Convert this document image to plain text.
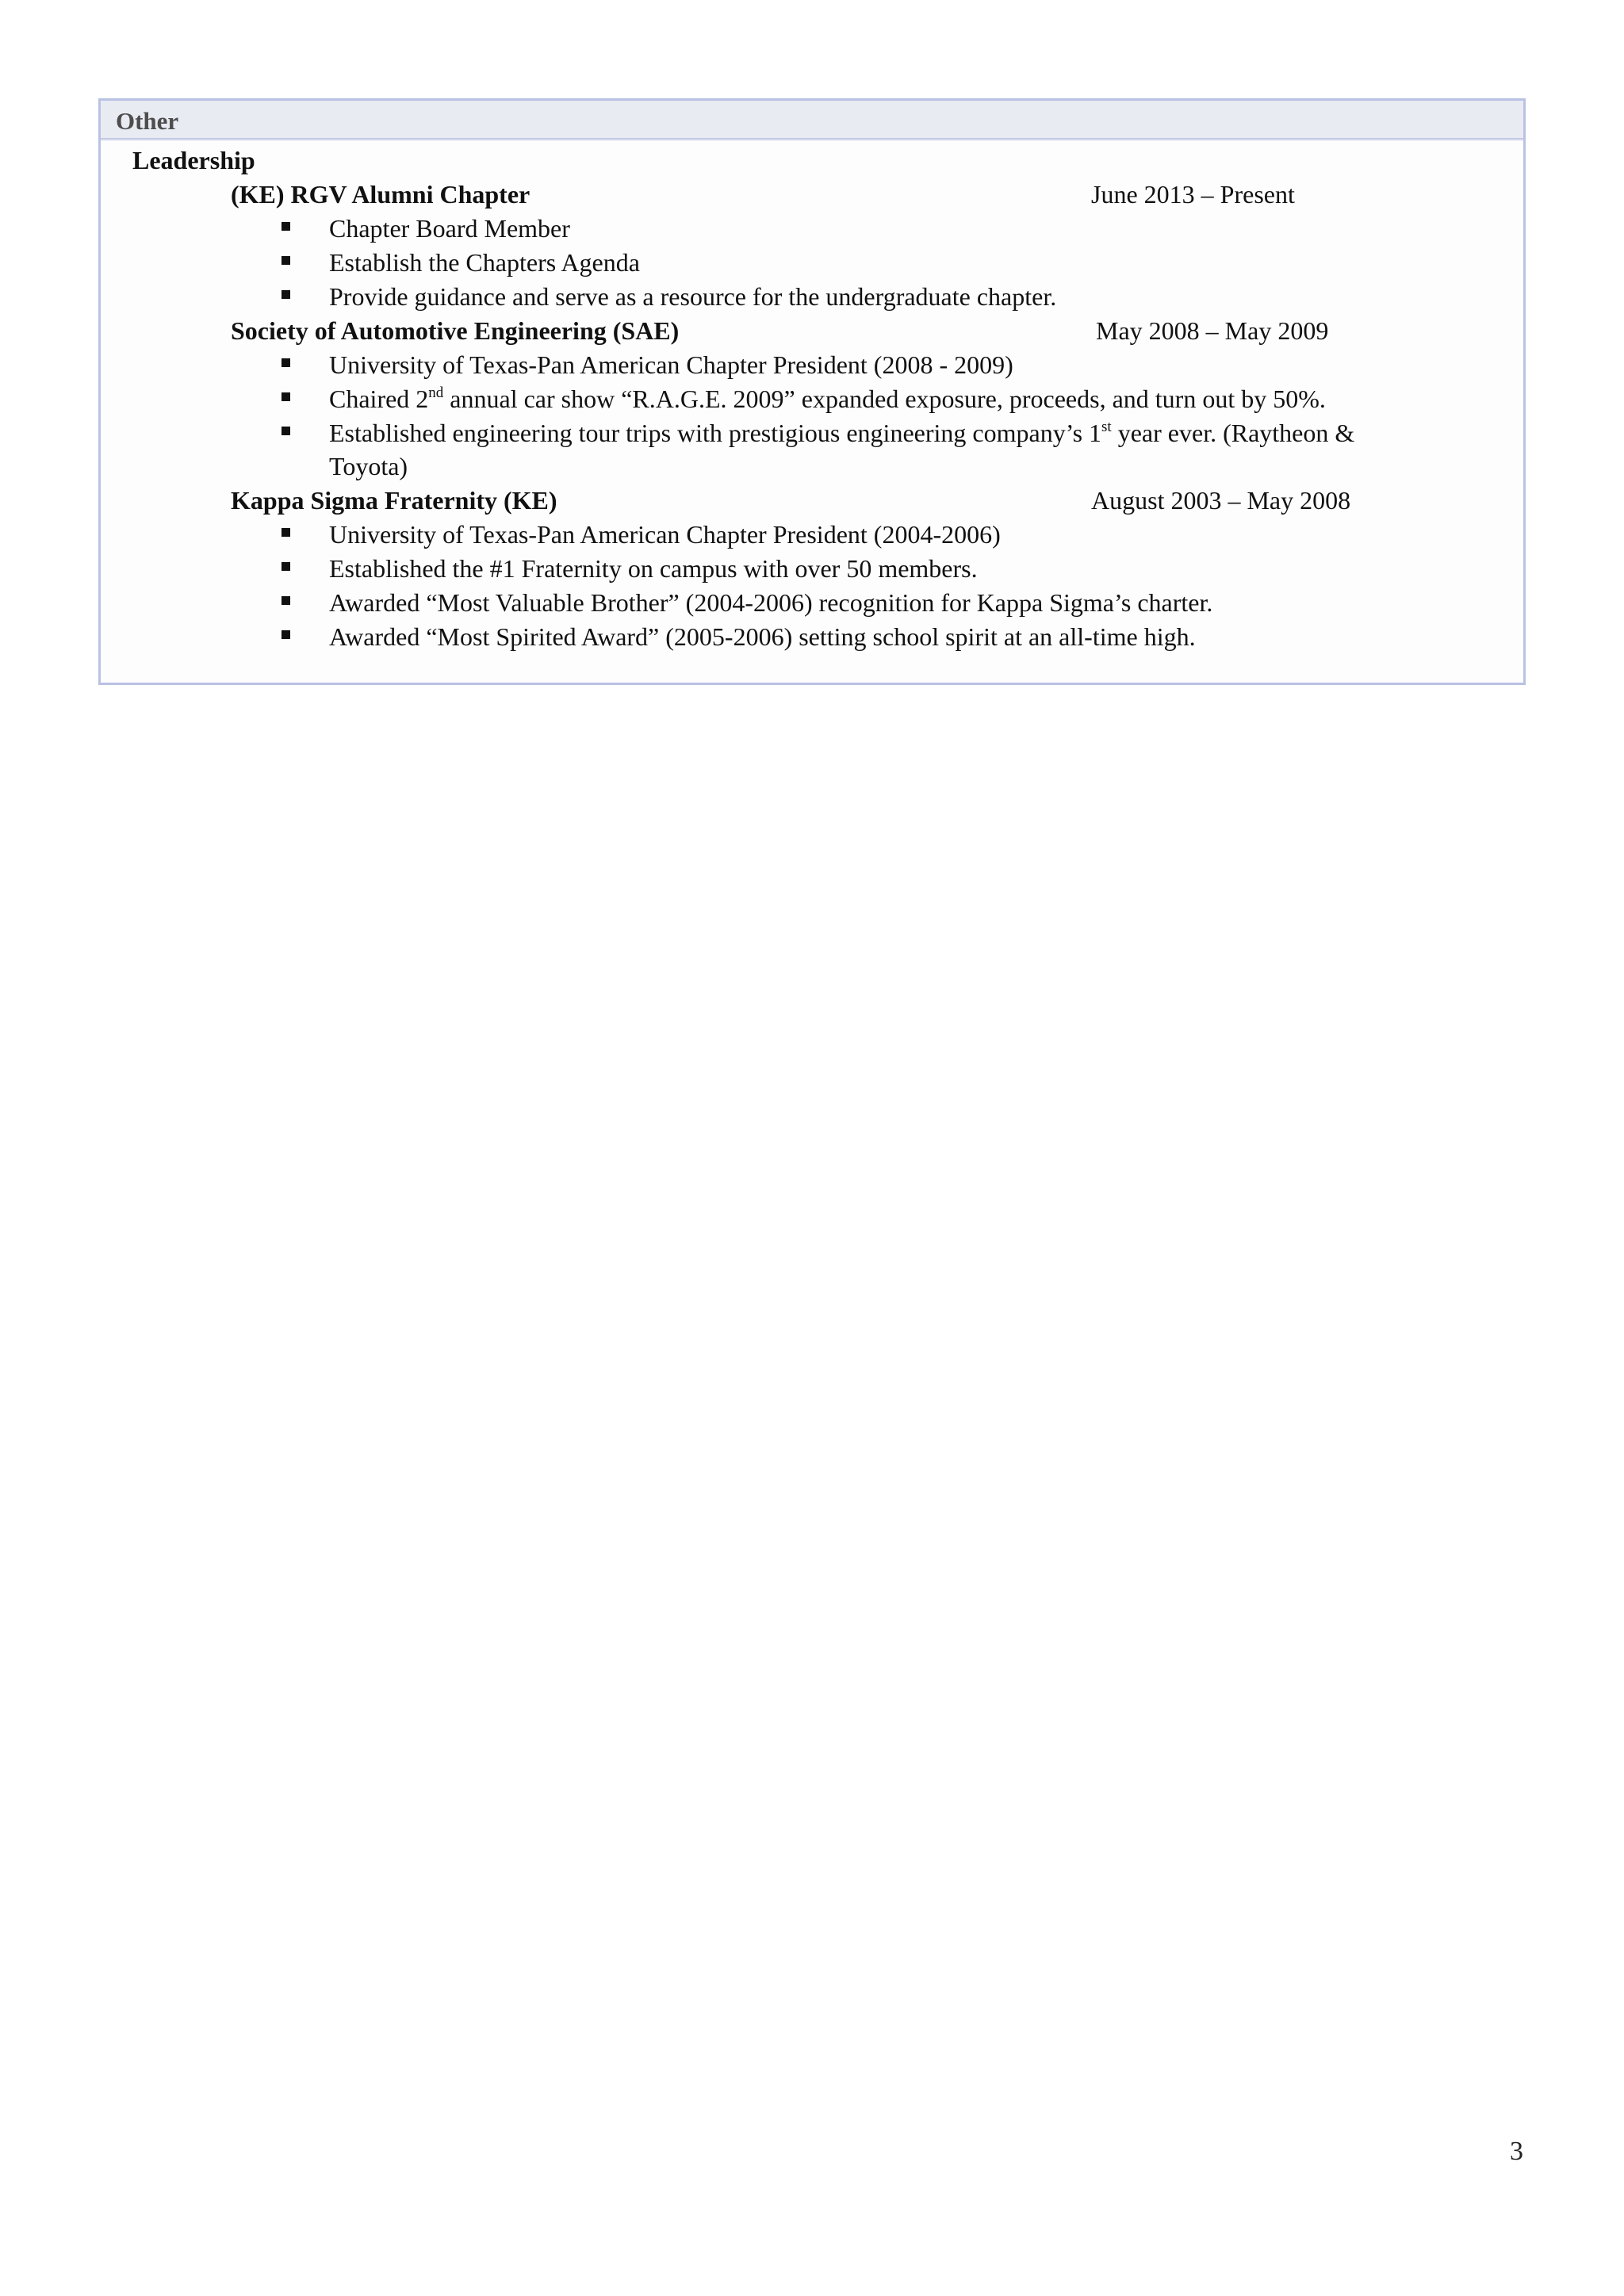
Other
Leadership
(KE) RGV Alumni Chapter	June 2013 – Present
Chapter Board Member
Establish the Chapters Agenda
Provide guidance and serve as a resource for the undergraduate chapter.
Society of Automotive Engineering (SAE)	May 2008 – May 2009
University of Texas-Pan American Chapter President (2008 - 2009)
Chaired 2nd annual car show “R.A.G.E. 2009” expanded exposure, proceeds, and turn out by 50%.
Established engineering tour trips with prestigious engineering company’s 1st year ever. (Raytheon &
Toyota)
Kappa Sigma Fraternity (KE)	August 2003 – May 2008
University of Texas-Pan American Chapter President (2004-2006)
Established the #1 Fraternity on campus with over 50 members.
Awarded “Most Valuable Brother” (2004-2006) recognition for Kappa Sigma’s charter.
Awarded “Most Spirited Award” (2005-2006) setting school spirit at an all-time high.
3
